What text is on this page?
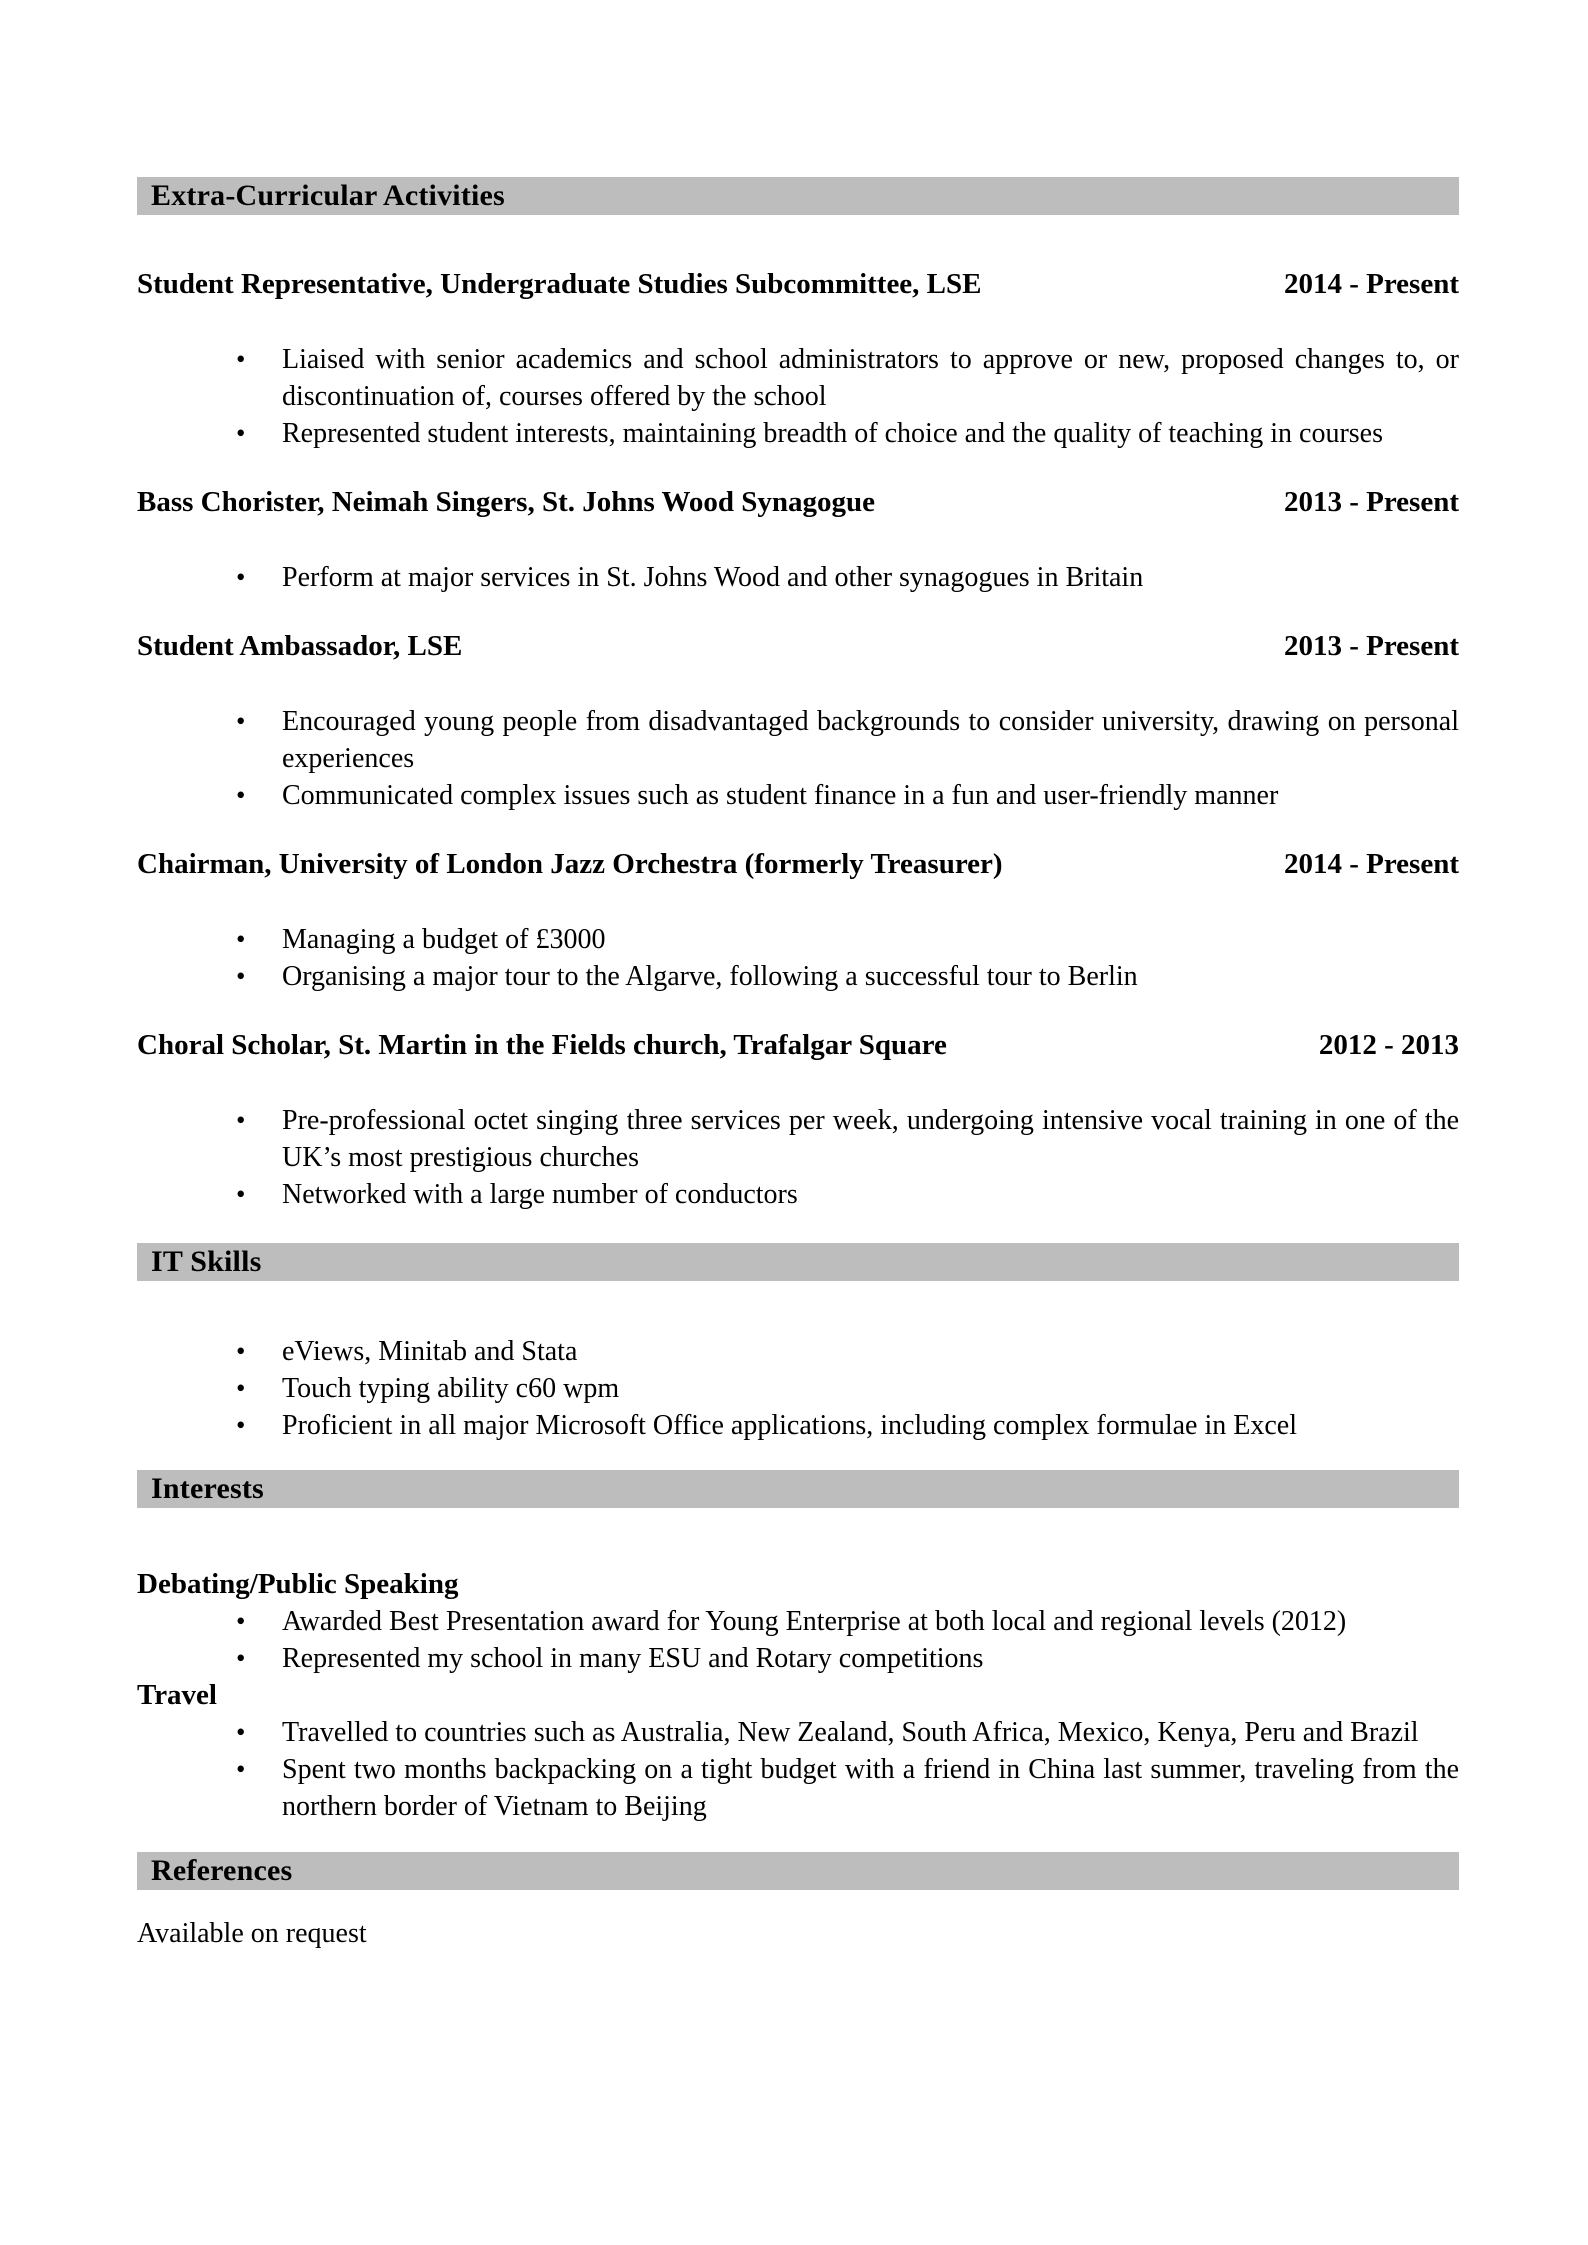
Extra-Curricular Activities
Student Representative, Undergraduate Studies Subcommittee, LSE	2014 - Present
•
Liaised with senior academics and school administrators to approve or new, proposed changes to, or discontinuation of, courses offered by the school
•
Represented student interests, maintaining breadth of choice and the quality of teaching in courses
Bass Chorister, Neimah Singers, St. Johns Wood Synagogue	2013 - Present
•
Perform at major services in St. Johns Wood and other synagogues in Britain
Student Ambassador, LSE	2013 - Present
•
Encouraged young people from disadvantaged backgrounds to consider university, drawing on personal experiences
•
Communicated complex issues such as student finance in a fun and user-friendly manner
Chairman, University of London Jazz Orchestra (formerly Treasurer)	2014 - Present
•
Managing a budget of £3000
•
Organising a major tour to the Algarve, following a successful tour to Berlin
Choral Scholar, St. Martin in the Fields church, Trafalgar Square	2012 - 2013
•
Pre-professional octet singing three services per week, undergoing intensive vocal training in one of the UK’s most prestigious churches
•
Networked with a large number of conductors
IT Skills
•
eViews, Minitab and Stata
•
Touch typing ability c60 wpm
•
Proficient in all major Microsoft Office applications, including complex formulae in Excel
Interests
Debating/Public Speaking
•
Awarded Best Presentation award for Young Enterprise at both local and regional levels (2012)
•
Represented my school in many ESU and Rotary competitions
Travel
•
Travelled to countries such as Australia, New Zealand, South Africa, Mexico, Kenya, Peru and Brazil
•
Spent two months backpacking on a tight budget with a friend in China last summer, traveling from the northern border of Vietnam to Beijing
References
Available on request
